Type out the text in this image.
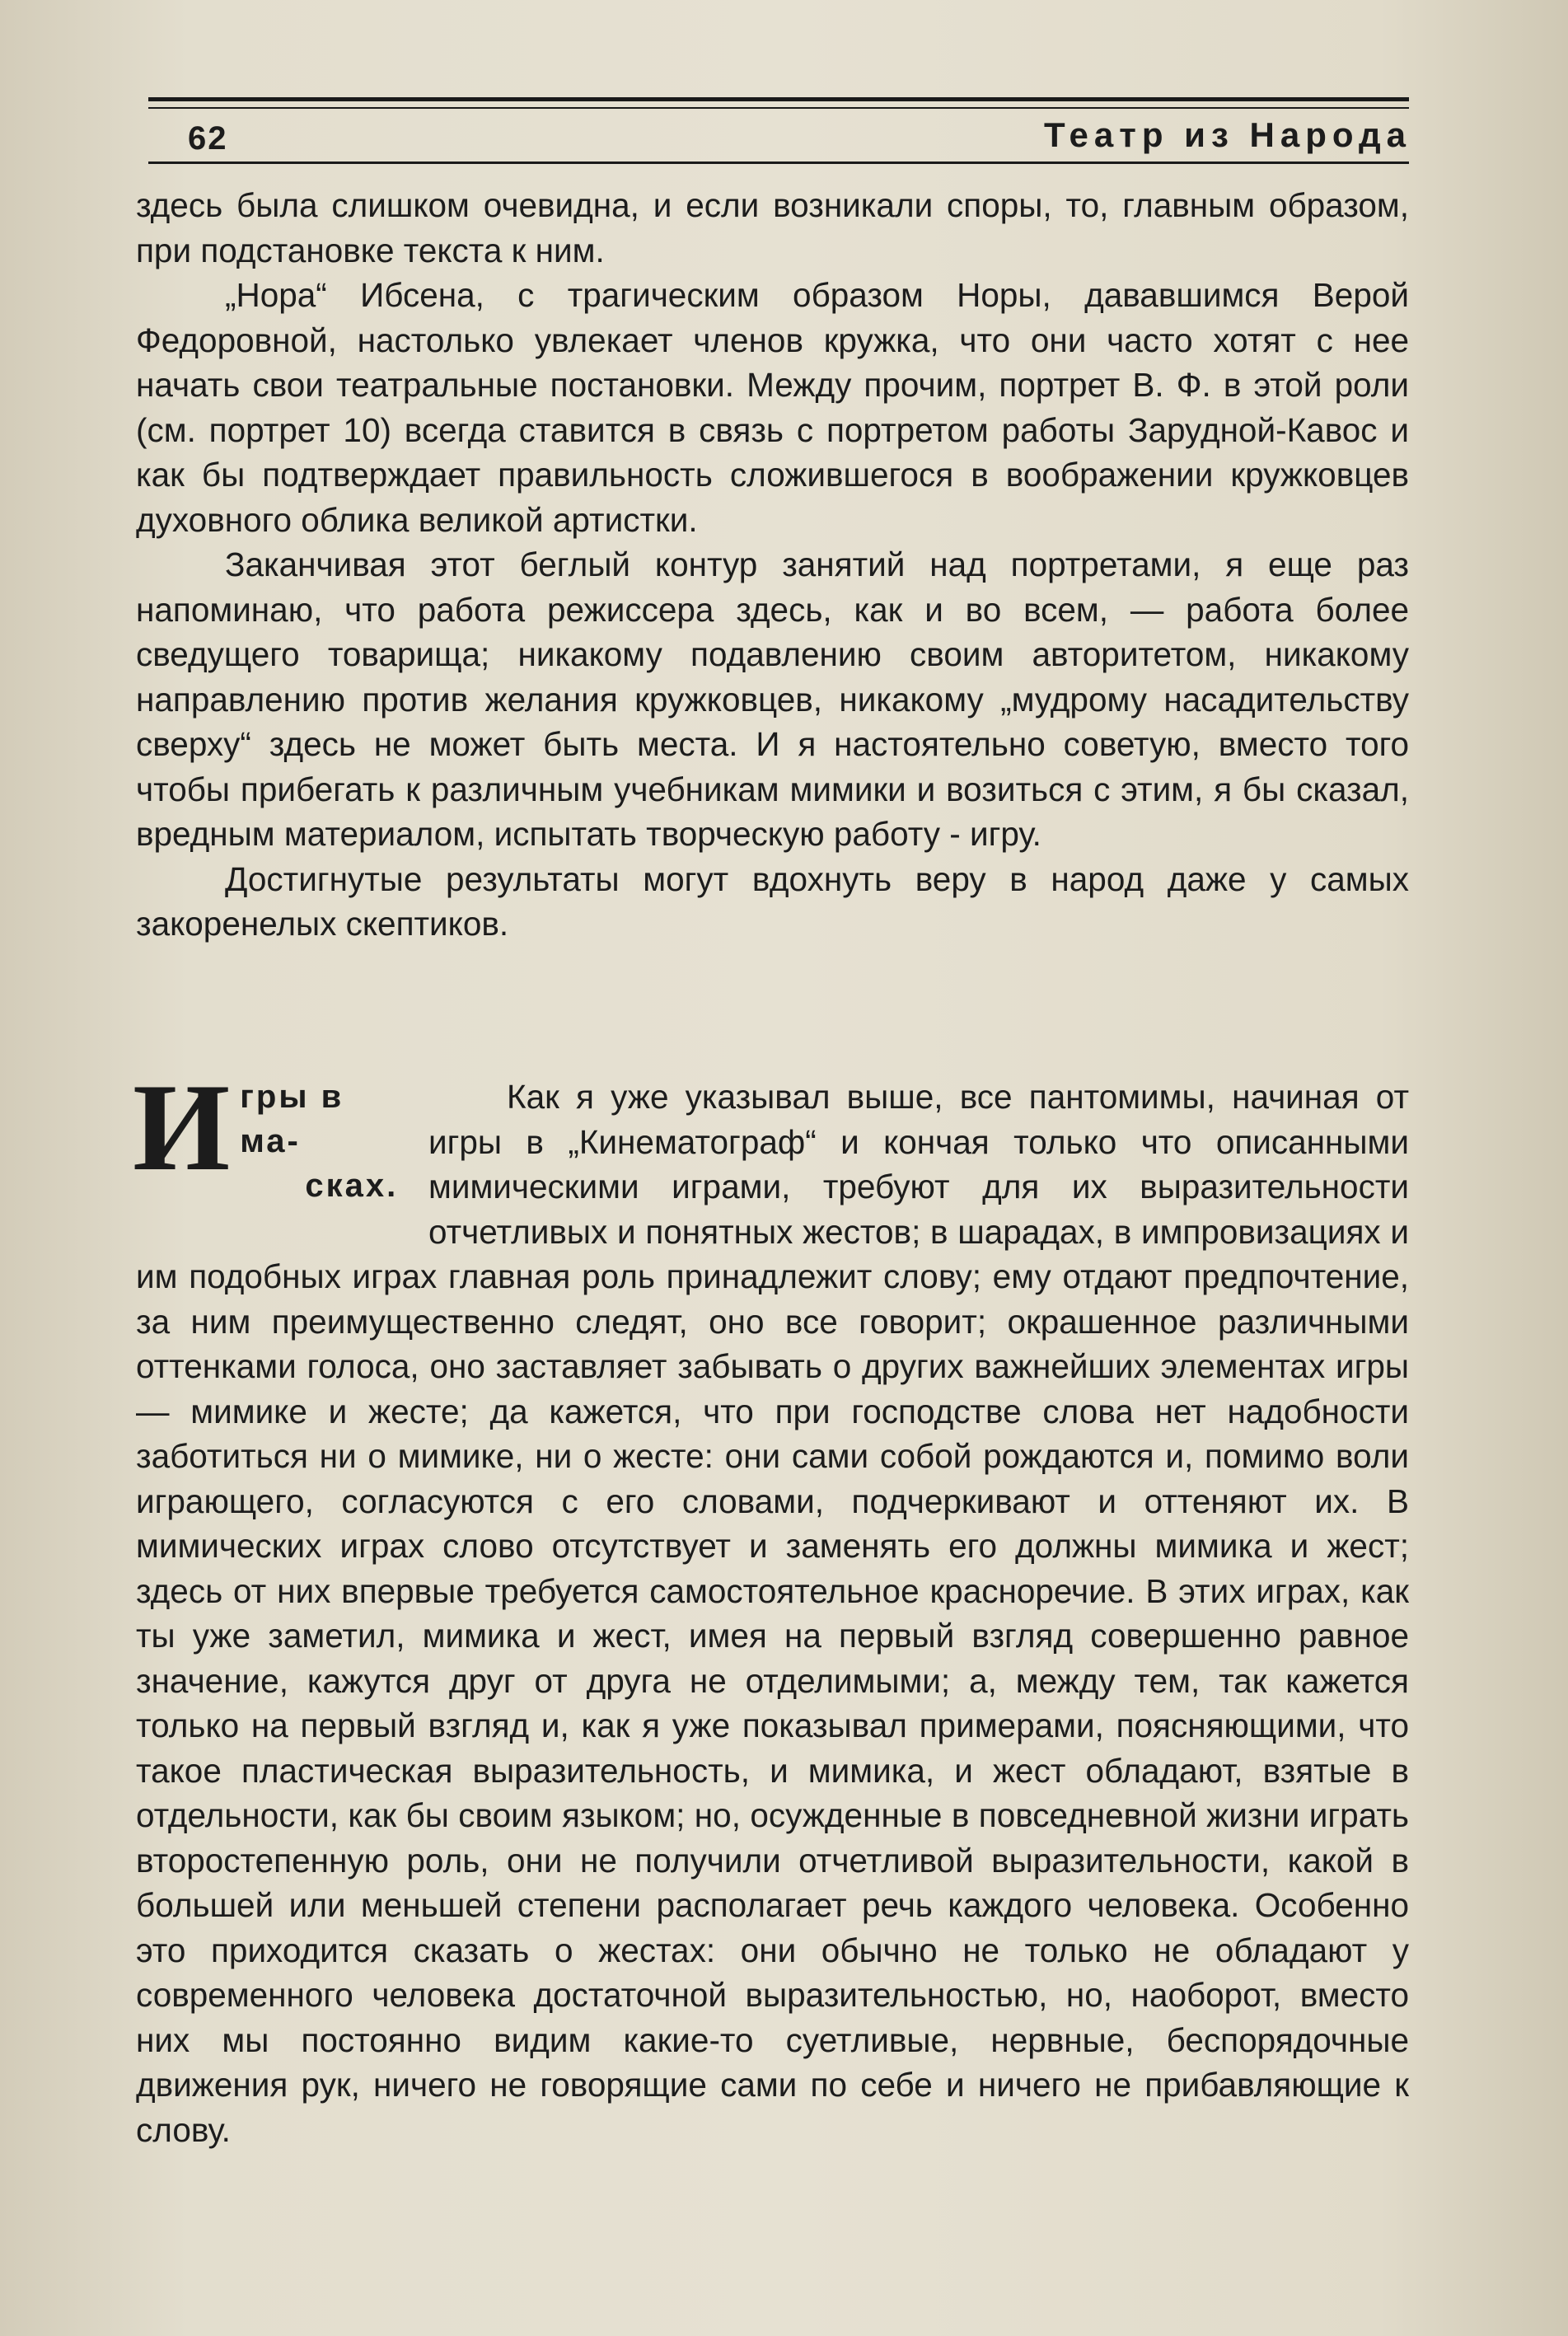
62	Театр из Народа

здесь была слишком очевидна, и если возникали споры, то, главным образом, при подстановке текста к ним.

„Нора“ Ибсена, с трагическим образом Норы, дававшимся Верой Федоровной, настолько увлекает членов кружка, что они часто хотят с нее начать свои театральные постановки. Между прочим, портрет В. Ф. в этой роли (см. портрет 10) всегда ставится в связь с портретом работы Зарудной-Кавос и как бы подтверждает правильность сложившегося в воображении кружковцев духовного облика великой артистки.

Заканчивая этот беглый контур занятий над портретами, я еще раз напоминаю, что работа режиссера здесь, как и во всем, — работа более сведущего товарища; никакому подавлению своим авторитетом, никакому направлению против желания кружковцев, никакому „мудрому насадительству сверху“ здесь не может быть места. И я настоятельно советую, вместо того чтобы прибегать к различным учебникам мимики и возиться с этим, я бы сказал, вредным материалом, испытать творческую работу - игру.

Достигнутые результаты могут вдохнуть веру в народ даже у самых закоренелых скептиков.

И гры в ма-
сках.

Как я уже указывал выше, все пантомимы, начиная от игры в „Кинематограф“ и кончая только что описанными мимическими играми, требуют для их выразительности отчетливых и понятных жестов; в шарадах, в импровизациях и им подобных играх главная роль принадлежит слову; ему отдают предпочтение, за ним преимущественно следят, оно все говорит; окрашенное различными оттенками голоса, оно заставляет забывать о других важнейших элементах игры — мимике и жесте; да кажется, что при господстве слова нет надобности заботиться ни о мимике, ни о жесте: они сами собой рождаются и, помимо воли играющего, согласуются с его словами, подчеркивают и оттеняют их. В мимических играх слово отсутствует и заменять его должны мимика и жест; здесь от них впервые требуется самостоятельное красноречие. В этих играх, как ты уже заметил, мимика и жест, имея на первый взгляд совершенно равное значение, кажутся друг от друга не отделимыми; а, между тем, так кажется только на первый взгляд и, как я уже показывал примерами, поясняющими, что такое пластическая выразительность, и мимика, и жест обладают, взятые в отдельности, как бы своим языком; но, осужденные в повседневной жизни играть второстепенную роль, они не получили отчетливой выразительности, какой в большей или меньшей степени располагает речь каждого человека. Особенно это приходится сказать о жестах: они обычно не только не обладают у современного человека достаточной выразительностью, но, наоборот, вместо них мы постоянно видим какие-то суетливые, нервные, беспорядочные движения рук, ничего не говорящие сами по себе и ничего не прибавляющие к слову.
